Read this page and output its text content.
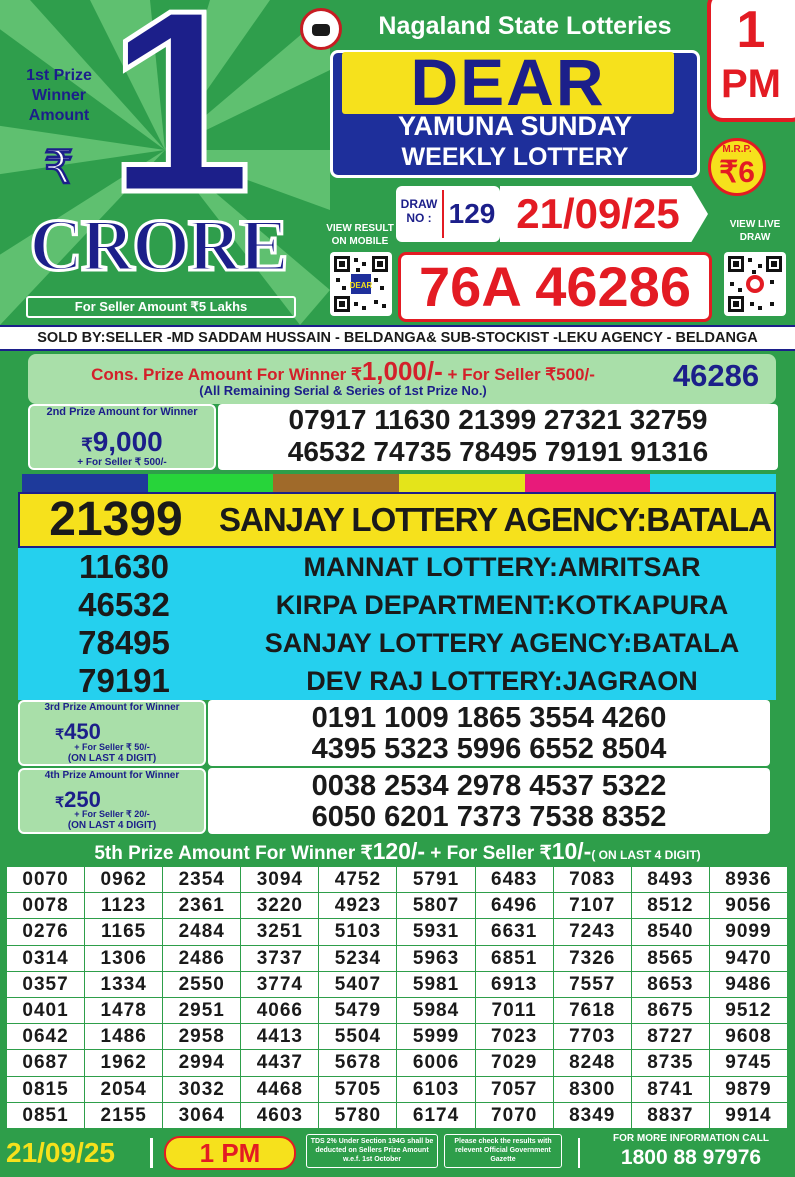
1st Prize Winner Amount 1
₹
CRORE
For Seller Amount ₹5 Lakhs
Nagaland State Lotteries	1
PM
DEAR
YAMUNA SUNDAY
WEEKLY LOTTERY	M.R.P.
₹6
DRAW NO : 129 21/09/25
VIEW RESULT ON MOBILE
DEAR
VIEW LIVE DRAW
76A 46286
SOLD BY:SELLER -MD SADDAM HUSSAIN - BELDANGA& SUB-STOCKIST -LEKU AGENCY - BELDANGA
Cons. Prize Amount For Winner ₹1,000/- + For Seller ₹500/-
(All Remaining Serial & Series of 1st Prize No.)	46286
2nd Prize Amount for Winner
₹9,000
+ For Seller ₹ 500/-
07917 11630 21399 27321 32759
46532 74735 78495 79191 91316
21399	SANJAY LOTTERY AGENCY:BATALA
11630	MANNAT LOTTERY:AMRITSAR
46532	KIRPA DEPARTMENT:KOTKAPURA
78495	SANJAY LOTTERY AGENCY:BATALA
79191	DEV RAJ LOTTERY:JAGRAON
3rd Prize Amount for Winner
₹450
+ For Seller ₹ 50/-
(ON LAST 4 DIGIT)
0191 1009 1865 3554 4260
4395 5323 5996 6552 8504
4th Prize Amount for Winner
₹250
+ For Seller ₹ 20/-
(ON LAST 4 DIGIT)
0038 2534 2978 4537 5322
6050 6201 7373 7538 8352
5th Prize Amount For Winner ₹120/- + For Seller ₹10/-( ON LAST 4 DIGIT)
0070	0962	2354	3094	4752	5791	6483	7083	8493	8936
0078	1123	2361	3220	4923	5807	6496	7107	8512	9056
0276	1165	2484	3251	5103	5931	6631	7243	8540	9099
0314	1306	2486	3737	5234	5963	6851	7326	8565	9470
0357	1334	2550	3774	5407	5981	6913	7557	8653	9486
0401	1478	2951	4066	5479	5984	7011	7618	8675	9512
0642	1486	2958	4413	5504	5999	7023	7703	8727	9608
0687	1962	2994	4437	5678	6006	7029	8248	8735	9745
0815	2054	3032	4468	5705	6103	7057	8300	8741	9879
0851	2155	3064	4603	5780	6174	7070	8349	8837	9914
21/09/25	1 PM	TDS 2% Under Section 194G shall be deducted on Sellers Prize Amount w.e.f. 1st October
Please check the results with relevent Official Government Gazette
FOR MORE INFORMATION CALL
1800 88 97976
